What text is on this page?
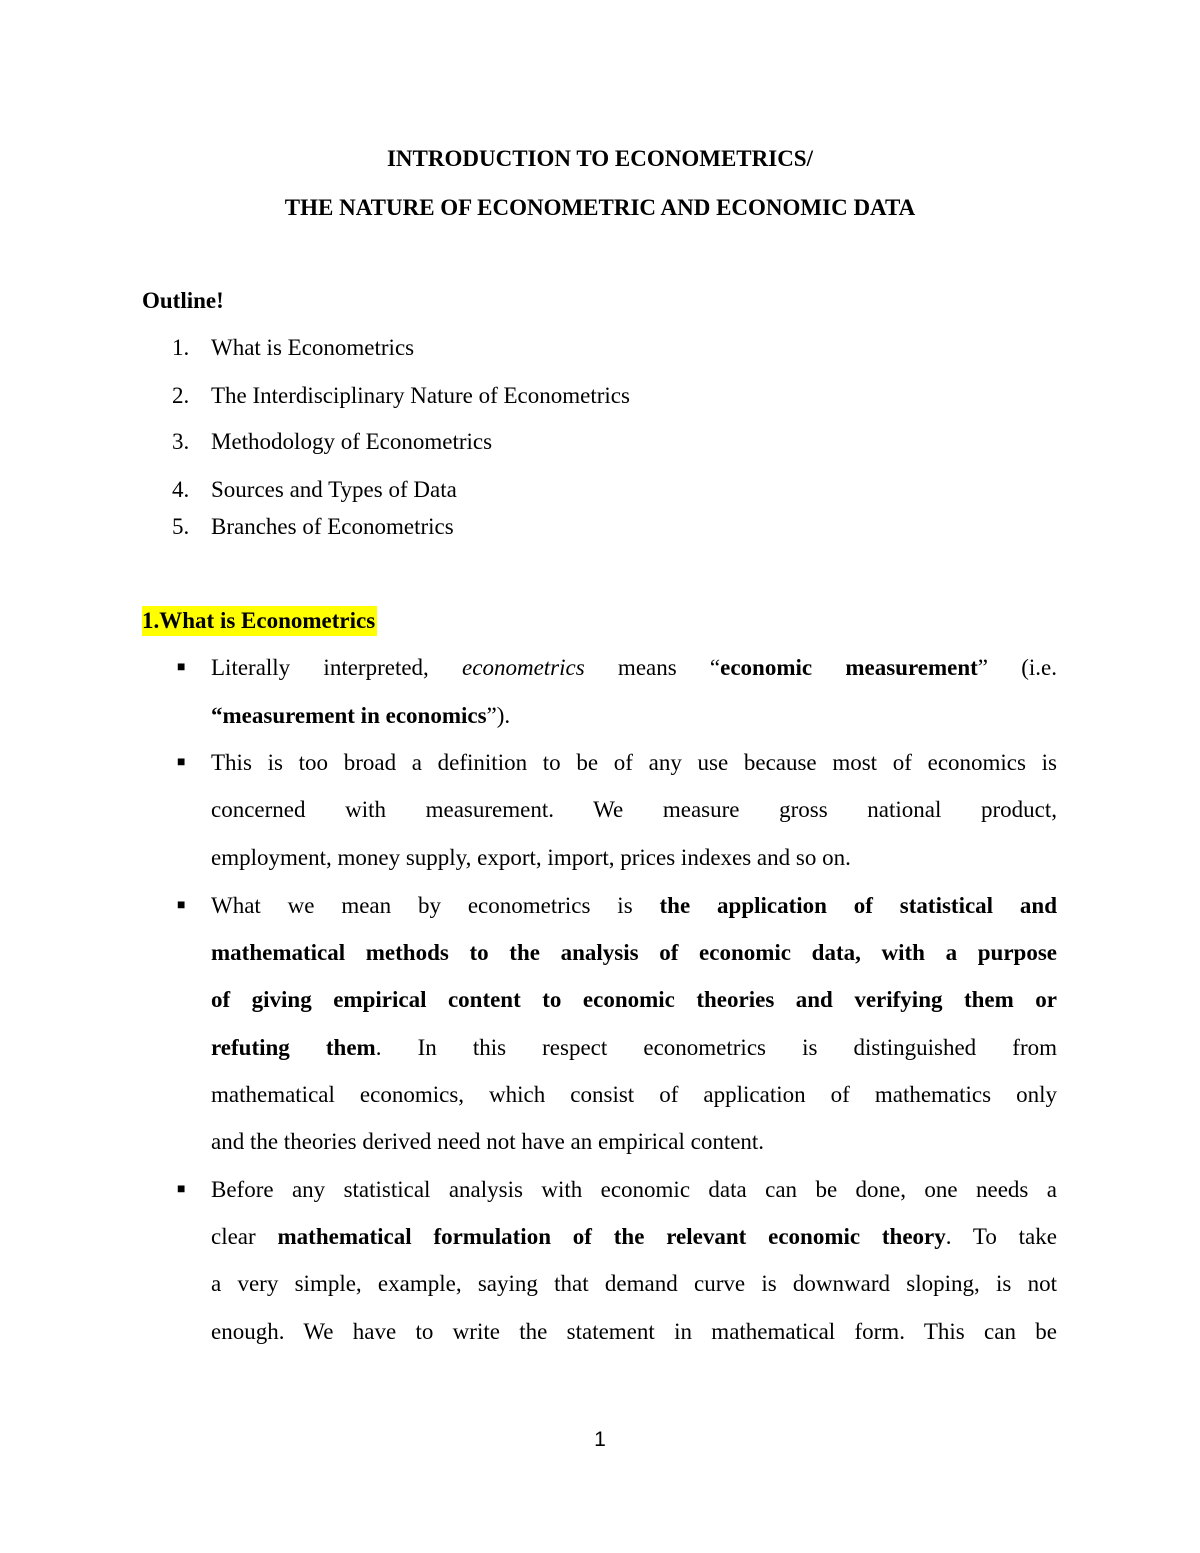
INTRODUCTION TO ECONOMETRICS/
THE NATURE OF ECONOMETRIC AND ECONOMIC DATA
Outline!
1. What is Econometrics
2. The Interdisciplinary Nature of Econometrics
3. Methodology of Econometrics
4. Sources and Types of Data
5. Branches of Econometrics
1.What is Econometrics
■ Literally interpreted, econometrics means “economic measurement” (i.e.
“measurement in economics”).
■ This is too broad a definition to be of any use because most of economics is
concerned with measurement. We measure gross national product,
employment, money supply, export, import, prices indexes and so on.
■ What we mean by econometrics is the application of statistical and
mathematical methods to the analysis of economic data, with a purpose
of giving empirical content to economic theories and verifying them or
refuting them. In this respect econometrics is distinguished from
mathematical economics, which consist of application of mathematics only
and the theories derived need not have an empirical content.
■ Before any statistical analysis with economic data can be done, one needs a
clear mathematical formulation of the relevant economic theory. To take
a very simple, example, saying that demand curve is downward sloping, is not
enough. We have to write the statement in mathematical form. This can be
1
